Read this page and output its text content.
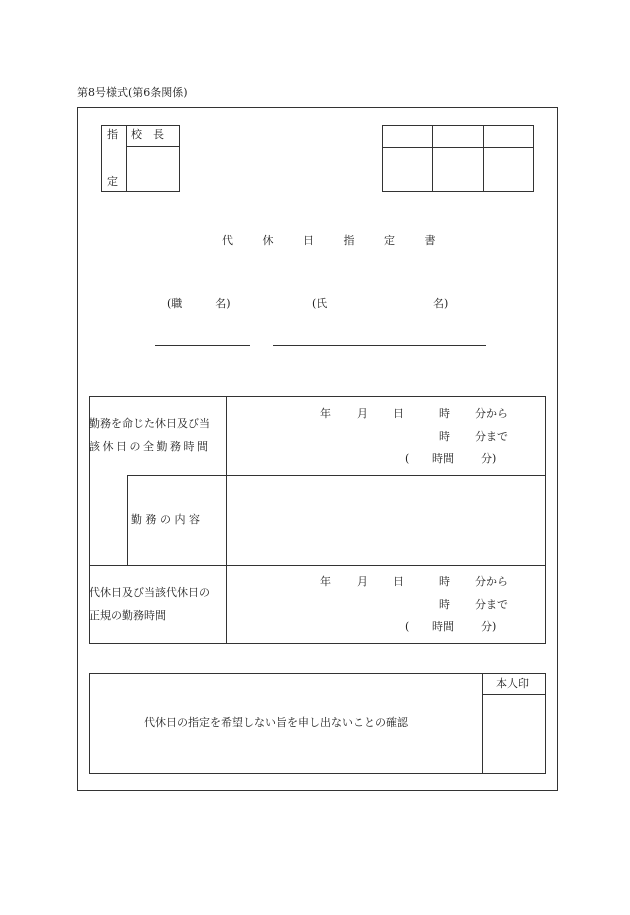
第8号様式(第6条関係)
指
定
校　長
代 休 日 指 定 書
(職　　　名)	(氏	名)
勤務を命じた休日及び当
該休日の全勤務時間
年 月 日	時 分から
時 分まで
( 時間 分)
勤 務 の 内 容
代休日及び当該代休日の
正規の勤務時間
年 月 日	時 分から
時 分まで
( 時間 分)
代休日の指定を希望しない旨を申し出ないことの確認
本人印
